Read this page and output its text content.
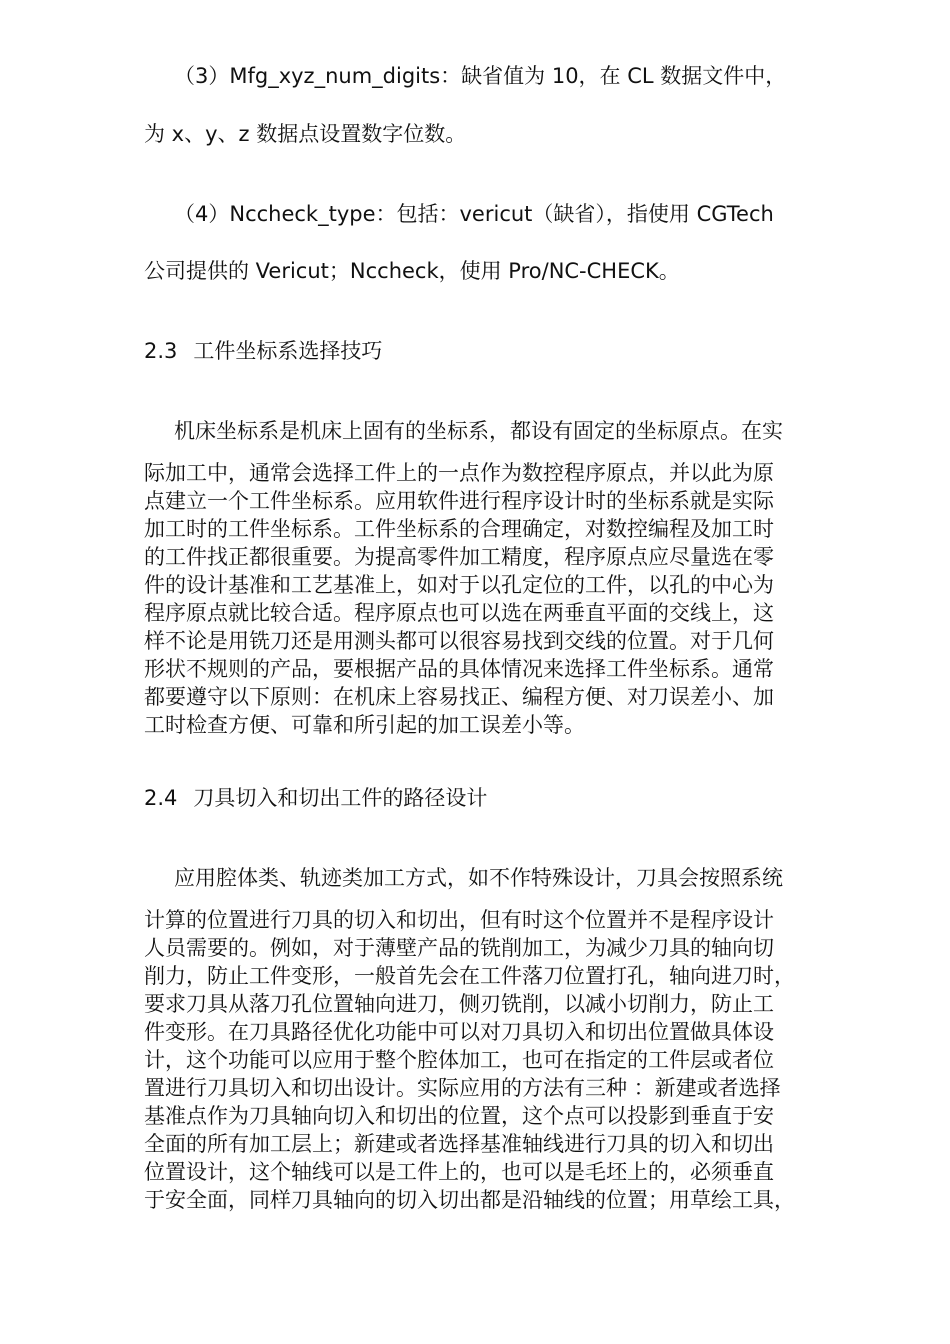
（3）Mfg_xyz_num_digits：缺省值为 10，在 CL 数据文件中，

为 x、y、z 数据点设置数字位数。

（4）Nccheck_type：包括：vericut（缺省），指使用 CGTech

公司提供的 Vericut；Nccheck，使用 Pro/NC-CHECK。

2.3 工件坐标系选择技巧

机床坐标系是机床上固有的坐标系，都设有固定的坐标原点。在实

际加工中，通常会选择工件上的一点作为数控程序原点，并以此为原

点建立一个工件坐标系。应用软件进行程序设计时的坐标系就是实际

加工时的工件坐标系。工件坐标系的合理确定，对数控编程及加工时

的工件找正都很重要。为提高零件加工精度，程序原点应尽量选在零

件的设计基准和工艺基准上，如对于以孔定位的工件，以孔的中心为

程序原点就比较合适。程序原点也可以选在两垂直平面的交线上，这

样不论是用铣刀还是用测头都可以很容易找到交线的位置。对于几何

形状不规则的产品，要根据产品的具体情况来选择工件坐标系。通常

都要遵守以下原则：在机床上容易找正、编程方便、对刀误差小、加

工时检查方便、可靠和所引起的加工误差小等。

2.4 刀具切入和切出工件的路径设计

应用腔体类、轨迹类加工方式，如不作特殊设计，刀具会按照系统

计算的位置进行刀具的切入和切出，但有时这个位置并不是程序设计

人员需要的。例如，对于薄壁产品的铣削加工，为减少刀具的轴向切

削力，防止工件变形，一般首先会在工件落刀位置打孔，轴向进刀时，

要求刀具从落刀孔位置轴向进刀，侧刃铣削，以减小切削力，防止工

件变形。在刀具路径优化功能中可以对刀具切入和切出位置做具体设

计，这个功能可以应用于整个腔体加工，也可在指定的工件层或者位

置进行刀具切入和切出设计。实际应用的方法有三种 ：新建或者选择

基准点作为刀具轴向切入和切出的位置，这个点可以投影到垂直于安

全面的所有加工层上；新建或者选择基准轴线进行刀具的切入和切出

位置设计，这个轴线可以是工件上的，也可以是毛坯上的，必须垂直

于安全面，同样刀具轴向的切入切出都是沿轴线的位置；用草绘工具，
